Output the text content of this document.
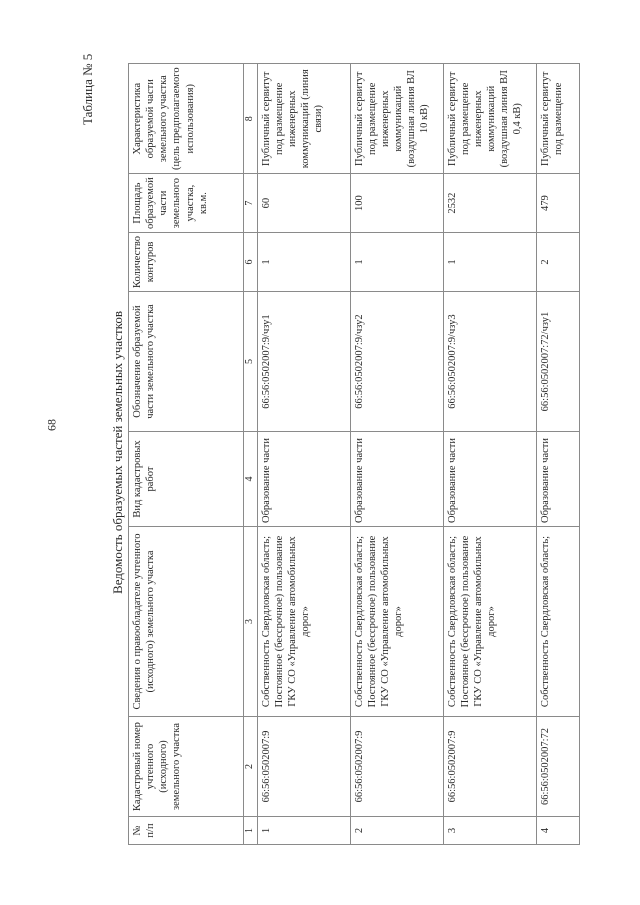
68
Таблица № 5
Ведомость образуемых частей земельных участков
№ п/п	Кадастровый номер учтенного (исходного) земельного участка	Сведения о правообладателе учтенного (исходного) земельного участка	Вид кадастровых работ	Обозначение образуемой части земельного участка	Количество контуров	Площадь образуемой части земельного участка, кв.м.	Характеристика образуемой части земельного участка (цель предполагаемого использования)
1	2	3	4	5	6	7	8
1	66:56:0502007:9	Собственность Свердловская область; Постоянное (бессрочное) пользование ГКУ СО «Управление автомобильных дорог»	Образование части	66:56:0502007:9/чзу1	1	60	Публичный сервитут под размещение инженерных коммуникаций (линия связи)
2	66:56:0502007:9	Собственность Свердловская область; Постоянное (бессрочное) пользование ГКУ СО «Управление автомобильных дорог»	Образование части	66:56:0502007:9/чзу2	1	100	Публичный сервитут под размещение инженерных коммуникаций (воздушная линия ВЛ 10 кВ)
3	66:56:0502007:9	Собственность Свердловская область; Постоянное (бессрочное) пользование ГКУ СО «Управление автомобильных дорог»	Образование части	66:56:0502007:9/чзу3	1	2532	Публичный сервитут под размещение инженерных коммуникаций (воздушная линия ВЛ 0,4 кВ)
4	66:56:0502007:72	Собственность Свердловская область;	Образование части	66:56:0502007:72/чзу1	2	479	Публичный сервитут под размещение
